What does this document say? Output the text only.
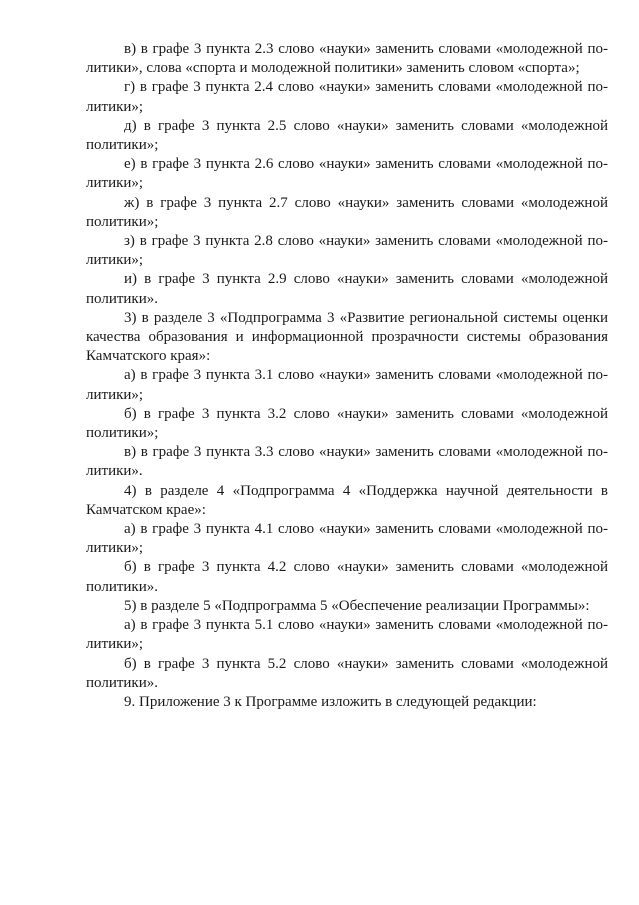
в) в графе 3 пункта 2.3 слово «науки» заменить словами «молодежной по-
литики», слова «спорта и молодежной политики» заменить словом «спорта»;
г) в графе 3 пункта 2.4 слово «науки» заменить словами «молодежной по-
литики»;
д) в графе 3 пункта 2.5 слово «науки» заменить словами «молодежной
политики»;
е) в графе 3 пункта 2.6 слово «науки» заменить словами «молодежной по-
литики»;
ж) в графе 3 пункта 2.7 слово «науки» заменить словами «молодежной
политики»;
з) в графе 3 пункта 2.8 слово «науки» заменить словами «молодежной по-
литики»;
и) в графе 3 пункта 2.9 слово «науки» заменить словами «молодежной
политики».
3) в разделе 3 «Подпрограмма 3 «Развитие региональной системы оценки
качества образования и информационной прозрачности системы образования
Камчатского края»:
а) в графе 3 пункта 3.1 слово «науки» заменить словами «молодежной по-
литики»;
б) в графе 3 пункта 3.2 слово «науки» заменить словами «молодежной
политики»;
в) в графе 3 пункта 3.3 слово «науки» заменить словами «молодежной по-
литики».
4) в разделе 4 «Подпрограмма 4 «Поддержка научной деятельности в
Камчатском крае»:
а) в графе 3 пункта 4.1 слово «науки» заменить словами «молодежной по-
литики»;
б) в графе 3 пункта 4.2 слово «науки» заменить словами «молодежной
политики».
5) в разделе 5 «Подпрограмма 5 «Обеспечение реализации Программы»:
а) в графе 3 пункта 5.1 слово «науки» заменить словами «молодежной по-
литики»;
б) в графе 3 пункта 5.2 слово «науки» заменить словами «молодежной
политики».
9. Приложение 3 к Программе изложить в следующей редакции:
